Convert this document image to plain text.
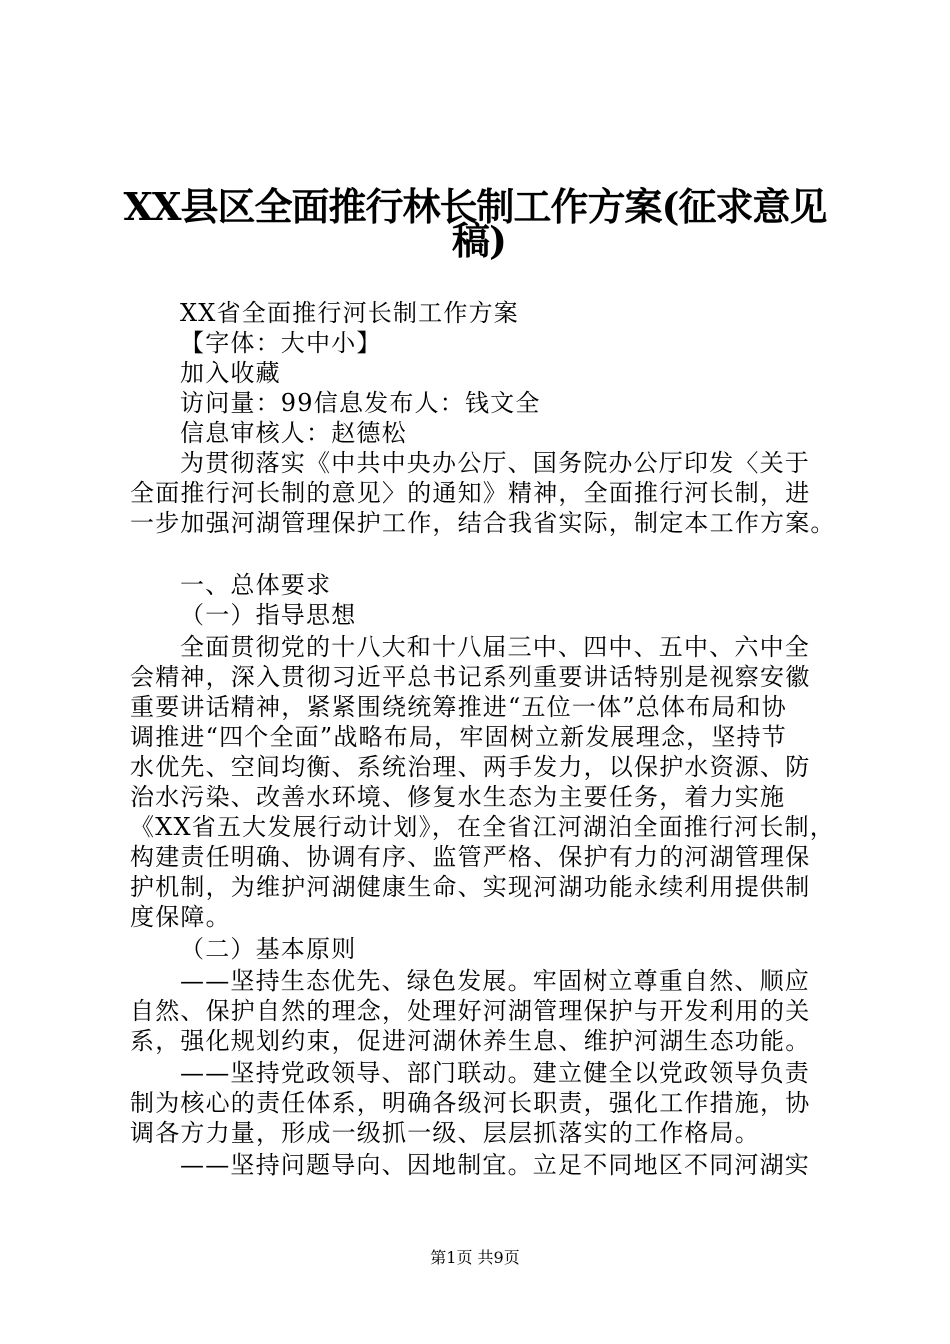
XX县区全面推行林长制工作方案(征求意见
稿)
XX省全面推行河长制工作方案
【字体：大中小】
加入收藏
访问量：99信息发布人：钱文全
信息审核人：赵德松
为贯彻落实《中共中央办公厅、国务院办公厅印发〈关于
全面推行河长制的意见〉的通知》精神，全面推行河长制，进
一步加强河湖管理保护工作，结合我省实际，制定本工作方案。
一、总体要求
（一）指导思想
全面贯彻党的十八大和十八届三中、四中、五中、六中全
会精神，深入贯彻习近平总书记系列重要讲话特别是视察安徽
重要讲话精神，紧紧围绕统筹推进“五位一体”总体布局和协
调推进“四个全面”战略布局，牢固树立新发展理念，坚持节
水优先、空间均衡、系统治理、两手发力，以保护水资源、防
治水污染、改善水环境、修复水生态为主要任务，着力实施
《XX省五大发展行动计划》，在全省江河湖泊全面推行河长制，
构建责任明确、协调有序、监管严格、保护有力的河湖管理保
护机制，为维护河湖健康生命、实现河湖功能永续利用提供制
度保障。
（二）基本原则
——坚持生态优先、绿色发展。牢固树立尊重自然、顺应
自然、保护自然的理念，处理好河湖管理保护与开发利用的关
系，强化规划约束，促进河湖休养生息、维护河湖生态功能。
——坚持党政领导、部门联动。建立健全以党政领导负责
制为核心的责任体系，明确各级河长职责，强化工作措施，协
调各方力量，形成一级抓一级、层层抓落实的工作格局。
——坚持问题导向、因地制宜。立足不同地区不同河湖实
第1页 共9页
